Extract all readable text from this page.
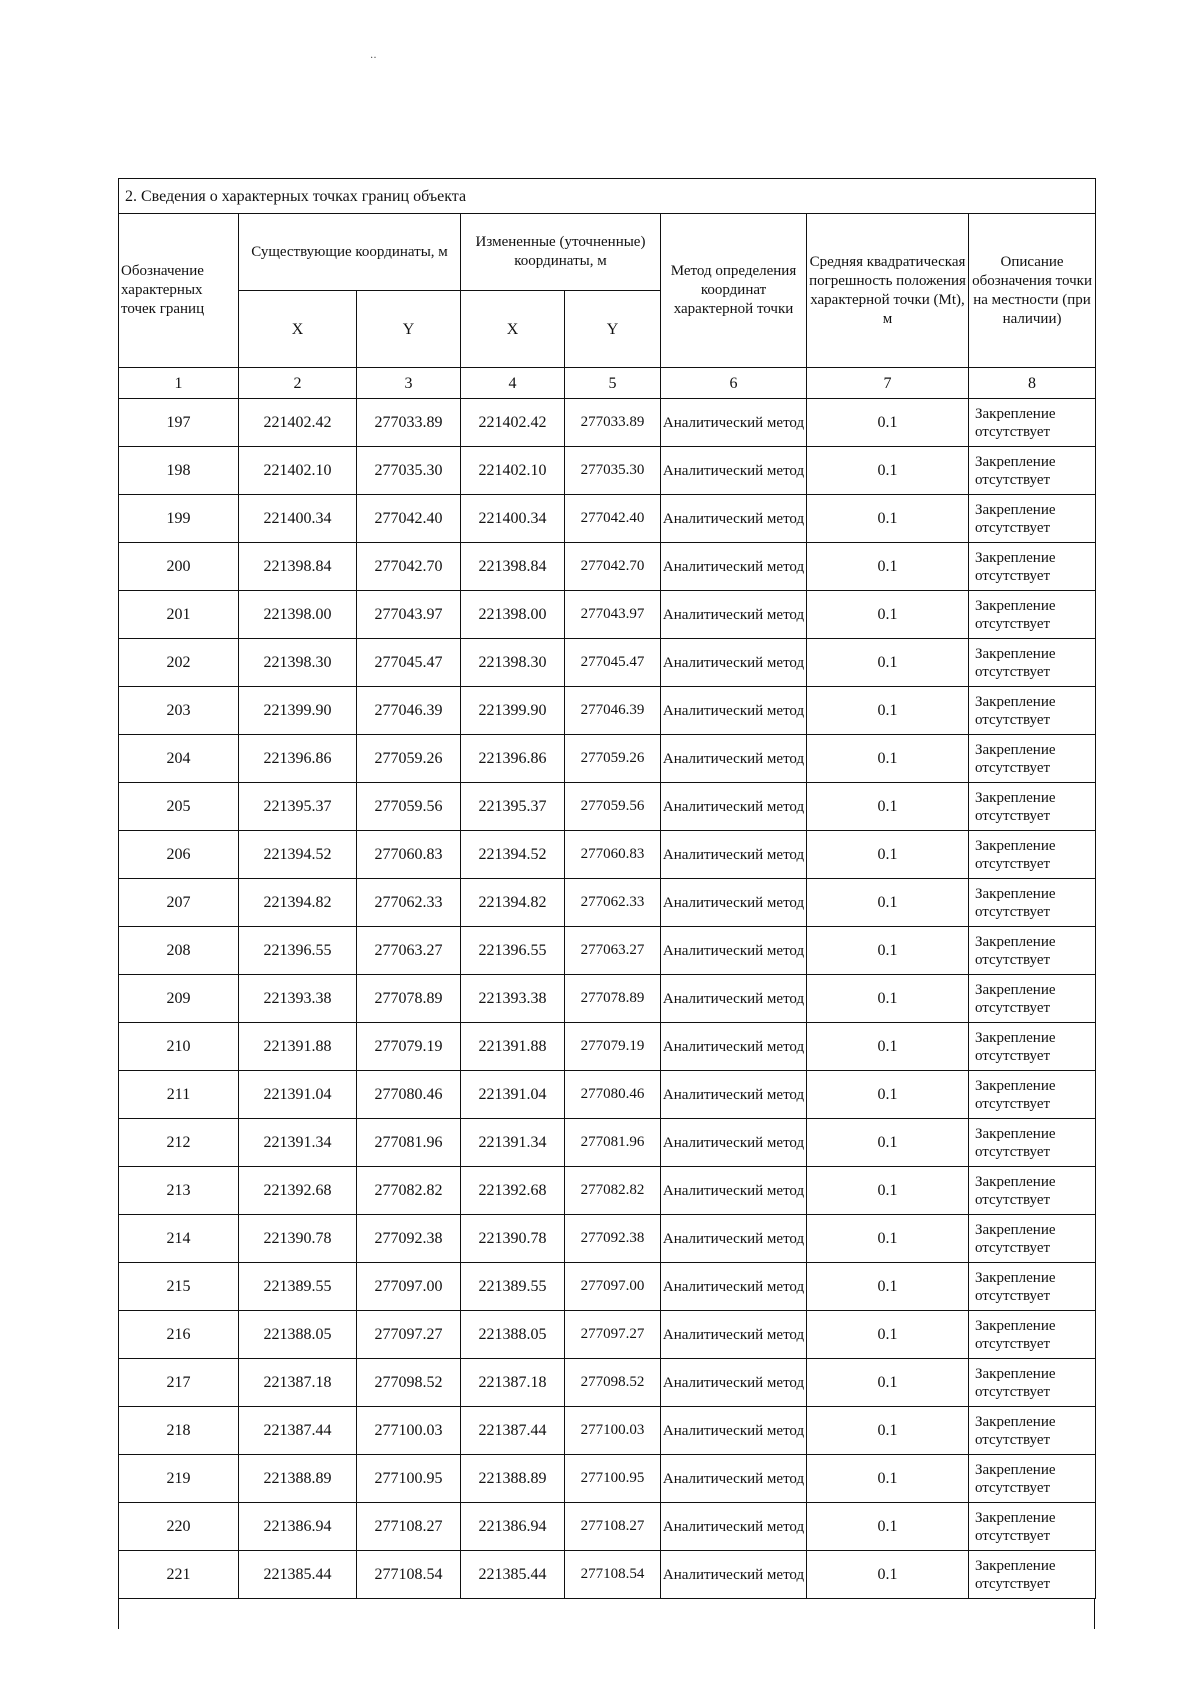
‥
2. Сведения о характерных точках границ объекта							
Обозначение характерных точек границ	Существующие координаты, м		Измененные (уточненные) координаты, м		Метод определения координат характерной точки	Средняя квадратическая погрешность положения характерной точки (Mt), м	Описание обозначения точки на местности (при наличии)
	X	Y	X	Y			
1	2	3	4	5	6	7	8
197	221402.42	277033.89	221402.42	277033.89	Аналитический метод	0.1	Закрепление отсутствует
198	221402.10	277035.30	221402.10	277035.30	Аналитический метод	0.1	Закрепление отсутствует
199	221400.34	277042.40	221400.34	277042.40	Аналитический метод	0.1	Закрепление отсутствует
200	221398.84	277042.70	221398.84	277042.70	Аналитический метод	0.1	Закрепление отсутствует
201	221398.00	277043.97	221398.00	277043.97	Аналитический метод	0.1	Закрепление отсутствует
202	221398.30	277045.47	221398.30	277045.47	Аналитический метод	0.1	Закрепление отсутствует
203	221399.90	277046.39	221399.90	277046.39	Аналитический метод	0.1	Закрепление отсутствует
204	221396.86	277059.26	221396.86	277059.26	Аналитический метод	0.1	Закрепление отсутствует
205	221395.37	277059.56	221395.37	277059.56	Аналитический метод	0.1	Закрепление отсутствует
206	221394.52	277060.83	221394.52	277060.83	Аналитический метод	0.1	Закрепление отсутствует
207	221394.82	277062.33	221394.82	277062.33	Аналитический метод	0.1	Закрепление отсутствует
208	221396.55	277063.27	221396.55	277063.27	Аналитический метод	0.1	Закрепление отсутствует
209	221393.38	277078.89	221393.38	277078.89	Аналитический метод	0.1	Закрепление отсутствует
210	221391.88	277079.19	221391.88	277079.19	Аналитический метод	0.1	Закрепление отсутствует
211	221391.04	277080.46	221391.04	277080.46	Аналитический метод	0.1	Закрепление отсутствует
212	221391.34	277081.96	221391.34	277081.96	Аналитический метод	0.1	Закрепление отсутствует
213	221392.68	277082.82	221392.68	277082.82	Аналитический метод	0.1	Закрепление отсутствует
214	221390.78	277092.38	221390.78	277092.38	Аналитический метод	0.1	Закрепление отсутствует
215	221389.55	277097.00	221389.55	277097.00	Аналитический метод	0.1	Закрепление отсутствует
216	221388.05	277097.27	221388.05	277097.27	Аналитический метод	0.1	Закрепление отсутствует
217	221387.18	277098.52	221387.18	277098.52	Аналитический метод	0.1	Закрепление отсутствует
218	221387.44	277100.03	221387.44	277100.03	Аналитический метод	0.1	Закрепление отсутствует
219	221388.89	277100.95	221388.89	277100.95	Аналитический метод	0.1	Закрепление отсутствует
220	221386.94	277108.27	221386.94	277108.27	Аналитический метод	0.1	Закрепление отсутствует
221	221385.44	277108.54	221385.44	277108.54	Аналитический метод	0.1	Закрепление отсутствует
